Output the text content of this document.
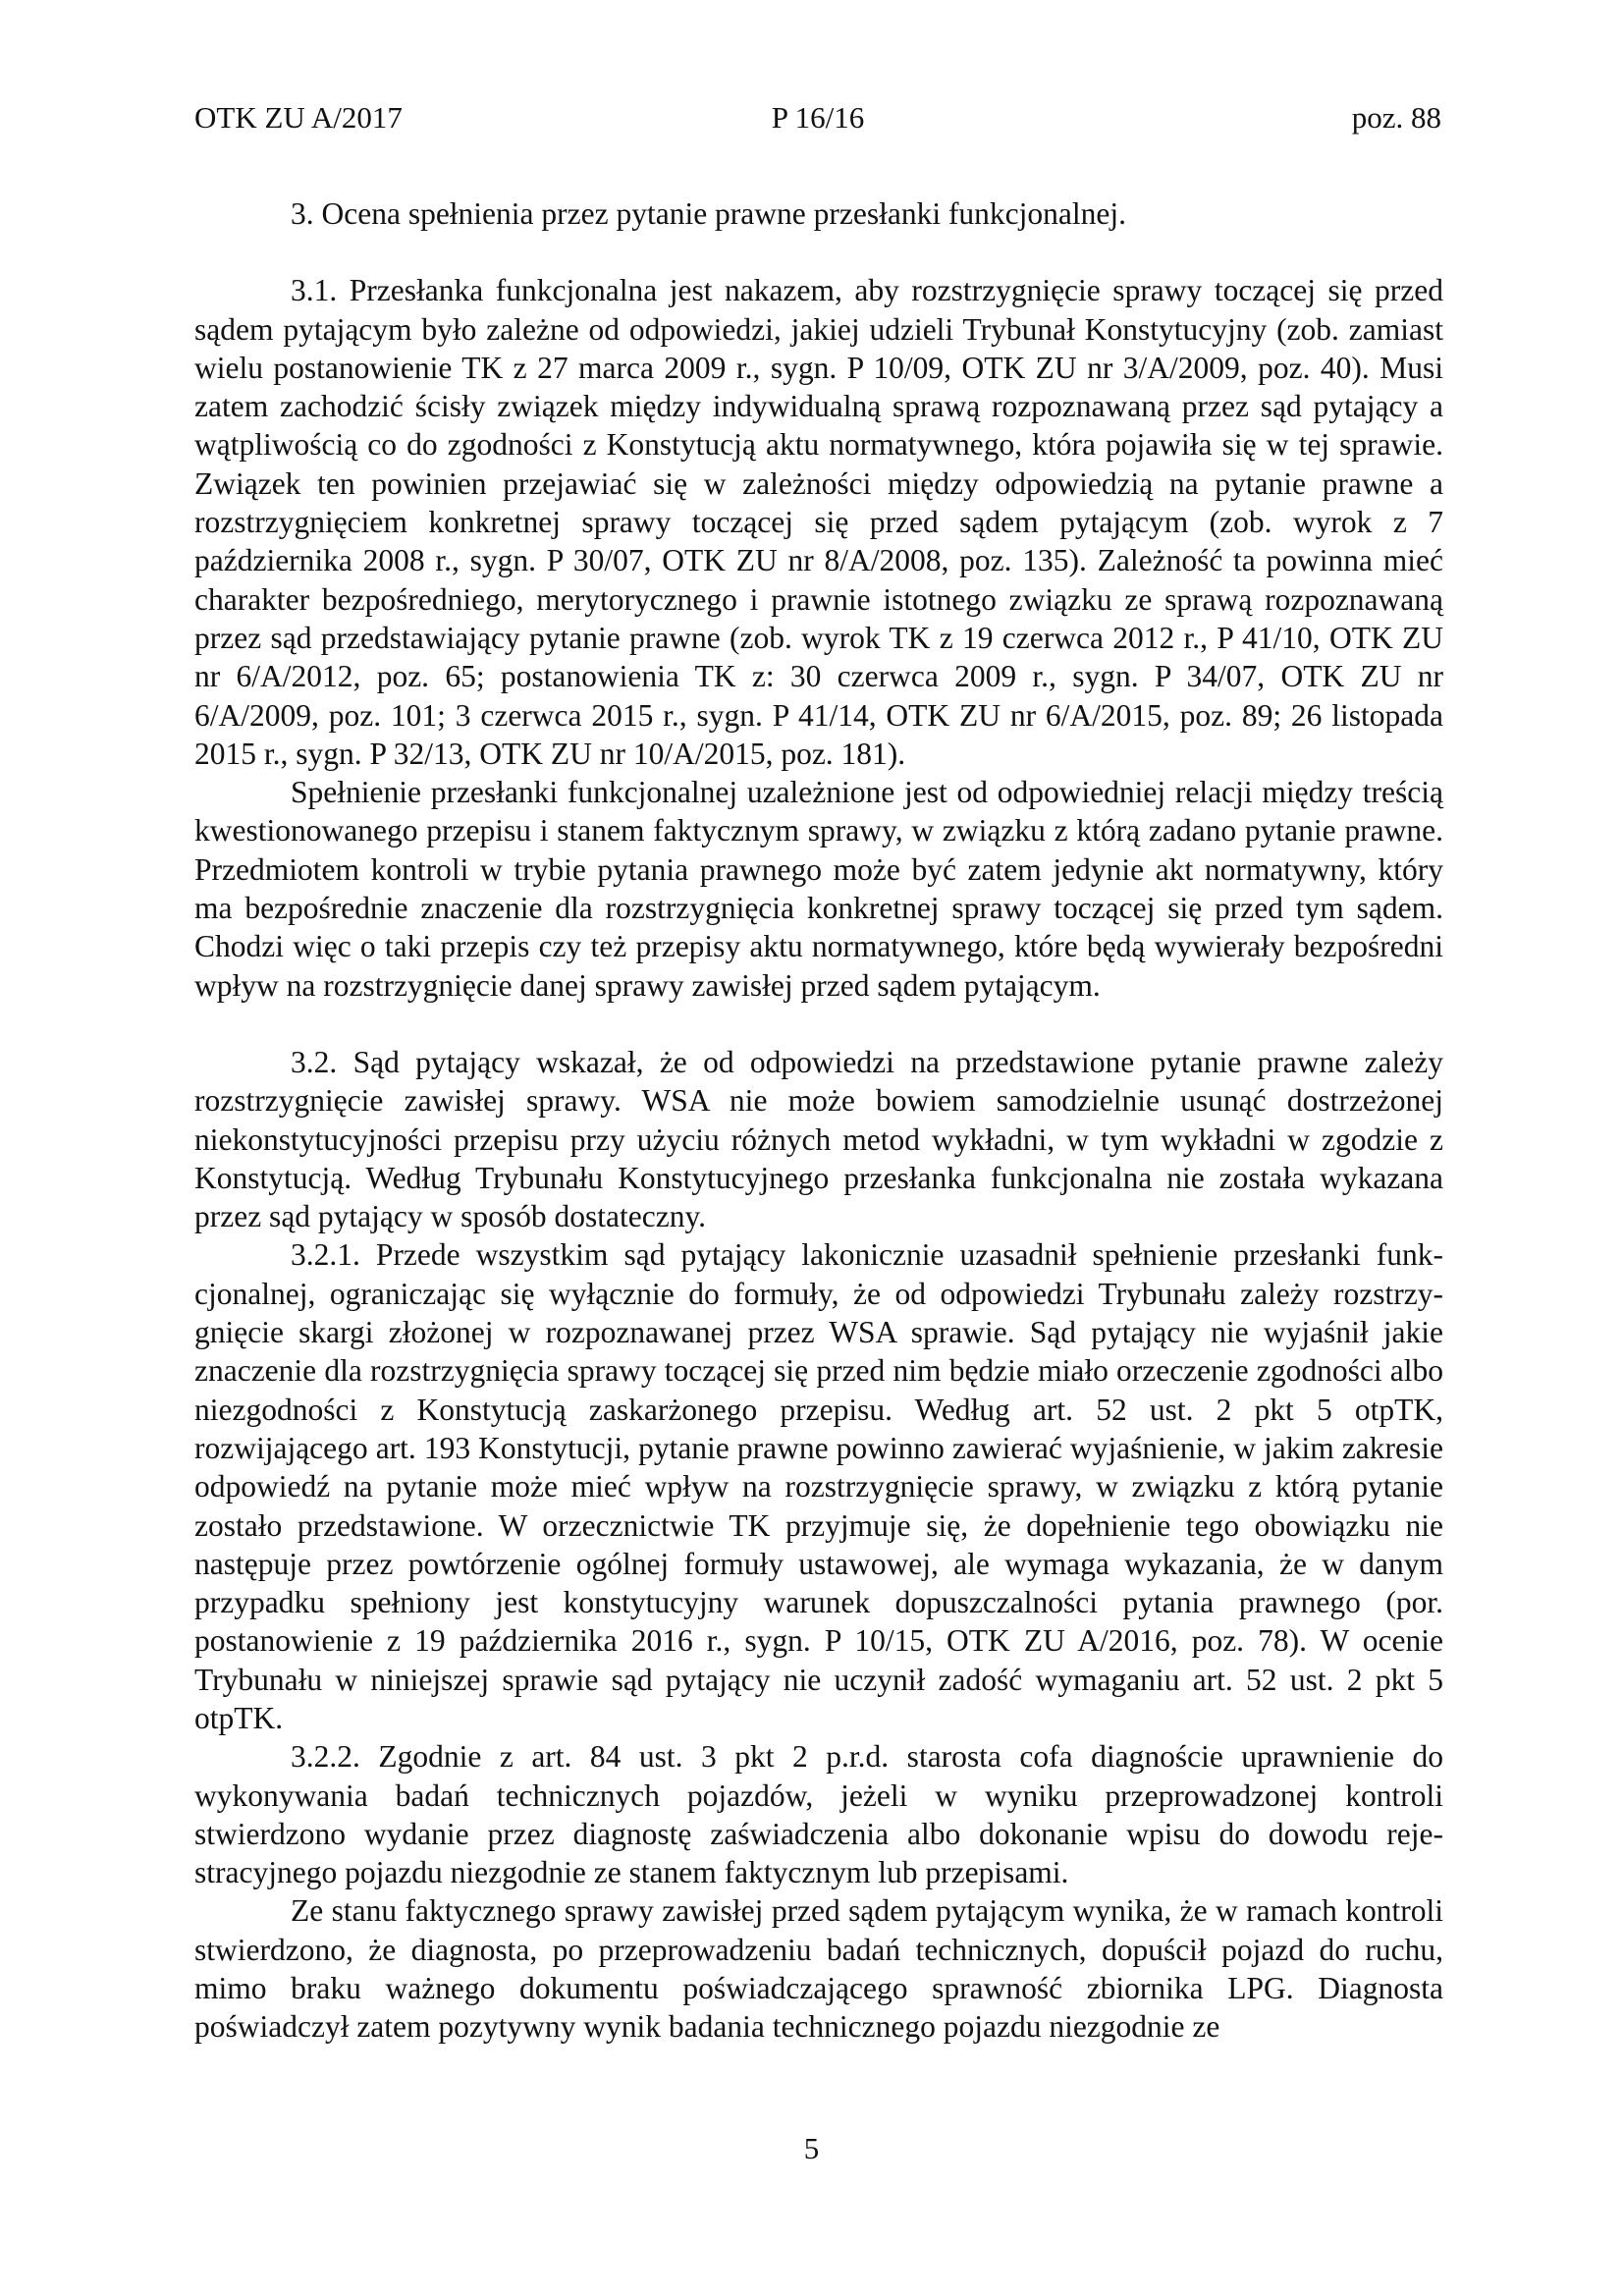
OTK ZU A/2017	P 16/16	poz. 88

3. Ocena spełnienia przez pytanie prawne przesłanki funkcjonalnej.

3.1. Przesłanka funkcjonalna jest nakazem, aby rozstrzygnięcie sprawy toczącej się przed sądem pytającym było zależne od odpowiedzi, jakiej udzieli Trybunał Konstytucyjny (zob. zamiast wielu postanowienie TK z 27 marca 2009 r., sygn. P 10/09, OTK ZU nr 3/A/2009, poz. 40). Musi zatem zachodzić ścisły związek między indywidualną sprawą rozpoznawaną przez sąd pytający a wątpliwością co do zgodności z Konstytucją aktu normatywnego, która pojawiła się w tej sprawie. Związek ten powinien przejawiać się w zależności między odpowiedzią na pytanie prawne a rozstrzygnięciem konkretnej sprawy toczącej się przed sądem pytającym (zob. wyrok z 7 października 2008 r., sygn. P 30/07, OTK ZU nr 8/A/2008, poz. 135). Zależność ta powinna mieć charakter bezpośredniego, merytorycznego i prawnie istotnego związku ze sprawą rozpoznawaną przez sąd przedstawiający pytanie prawne (zob. wyrok TK z 19 czerwca 2012 r., P 41/10, OTK ZU nr 6/A/2012, poz. 65; postanowienia TK z: 30 czerwca 2009 r., sygn. P 34/07, OTK ZU nr 6/A/2009, poz. 101; 3 czerwca 2015 r., sygn. P 41/14, OTK ZU nr 6/A/2015, poz. 89; 26 listopada 2015 r., sygn. P 32/13, OTK ZU nr 10/A/2015, poz. 181).

Spełnienie przesłanki funkcjonalnej uzależnione jest od odpowiedniej relacji między treścią kwestionowanego przepisu i stanem faktycznym sprawy, w związku z którą zadano pytanie prawne. Przedmiotem kontroli w trybie pytania prawnego może być zatem jedynie akt normatywny, który ma bezpośrednie znaczenie dla rozstrzygnięcia konkretnej sprawy toczącej się przed tym sądem. Chodzi więc o taki przepis czy też przepisy aktu normatywnego, które będą wywierały bezpośredni wpływ na rozstrzygnięcie danej sprawy zawisłej przed sądem pytającym.

3.2. Sąd pytający wskazał, że od odpowiedzi na przedstawione pytanie prawne zależy rozstrzygnięcie zawisłej sprawy. WSA nie może bowiem samodzielnie usunąć dostrzeżonej niekonstytucyjności przepisu przy użyciu różnych metod wykładni, w tym wykładni w zgodzie z Konstytucją. Według Trybunału Konstytucyjnego przesłanka funkcjonalna nie została wykazana przez sąd pytający w sposób dostateczny.

3.2.1. Przede wszystkim sąd pytający lakonicznie uzasadnił spełnienie przesłanki funkcjonalnej, ograniczając się wyłącznie do formuły, że od odpowiedzi Trybunału zależy rozstrzygnięcie skargi złożonej w rozpoznawanej przez WSA sprawie. Sąd pytający nie wyjaśnił jakie znaczenie dla rozstrzygnięcia sprawy toczącej się przed nim będzie miało orzeczenie zgodności albo niezgodności z Konstytucją zaskarżonego przepisu. Według art. 52 ust. 2 pkt 5 otpTK, rozwijającego art. 193 Konstytucji, pytanie prawne powinno zawierać wyjaśnienie, w jakim zakresie odpowiedź na pytanie może mieć wpływ na rozstrzygnięcie sprawy, w związku z którą pytanie zostało przedstawione. W orzecznictwie TK przyjmuje się, że dopełnienie tego obowiązku nie następuje przez powtórzenie ogólnej formuły ustawowej, ale wymaga wykazania, że w danym przypadku spełniony jest konstytucyjny warunek dopuszczalności pytania prawnego (por. postanowienie z 19 października 2016 r., sygn. P 10/15, OTK ZU A/2016, poz. 78). W ocenie Trybunału w niniejszej sprawie sąd pytający nie uczynił zadość wymaganiu art. 52 ust. 2 pkt 5 otpTK.

3.2.2. Zgodnie z art. 84 ust. 3 pkt 2 p.r.d. starosta cofa diagnoście uprawnienie do wykonywania badań technicznych pojazdów, jeżeli w wyniku przeprowadzonej kontroli stwierdzono wydanie przez diagnostę zaświadczenia albo dokonanie wpisu do dowodu rejestracyjnego pojazdu niezgodnie ze stanem faktycznym lub przepisami.

Ze stanu faktycznego sprawy zawisłej przed sądem pytającym wynika, że w ramach kontroli stwierdzono, że diagnosta, po przeprowadzeniu badań technicznych, dopuścił pojazd do ruchu, mimo braku ważnego dokumentu poświadczającego sprawność zbiornika LPG. Diagnosta poświadczył zatem pozytywny wynik badania technicznego pojazdu niezgodnie ze

5
